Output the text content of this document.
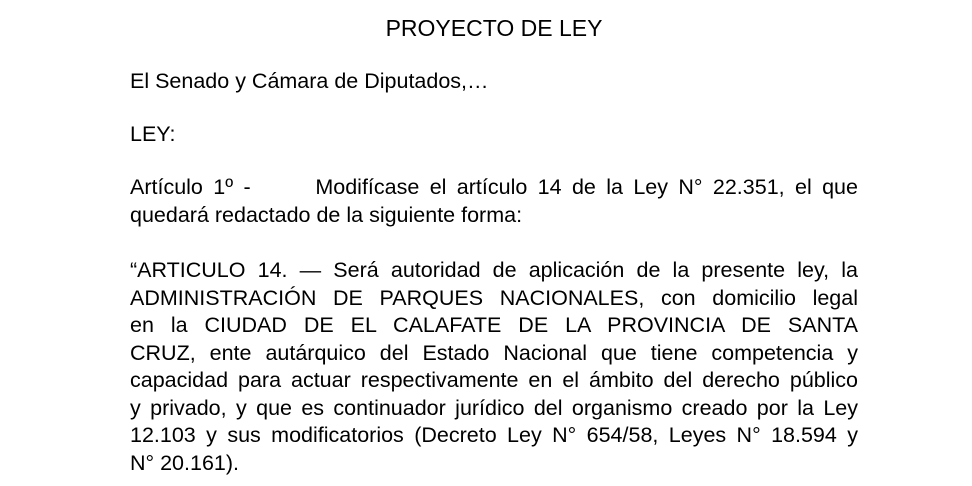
PROYECTO DE LEY
El Senado y Cámara de Diputados,…
LEY:
Artículo 1º -	Modifícase el artículo 14 de la Ley N° 22.351, el que
quedará redactado de la siguiente forma:
“ARTICULO 14. — Será autoridad de aplicación de la presente ley, la
ADMINISTRACIÓN DE PARQUES NACIONALES, con domicilio legal
en la CIUDAD DE EL CALAFATE DE LA PROVINCIA DE SANTA
CRUZ, ente autárquico del Estado Nacional que tiene competencia y
capacidad para actuar respectivamente en el ámbito del derecho público
y privado, y que es continuador jurídico del organismo creado por la Ley
12.103 y sus modificatorios (Decreto Ley N° 654/58, Leyes N° 18.594 y
N° 20.161).
